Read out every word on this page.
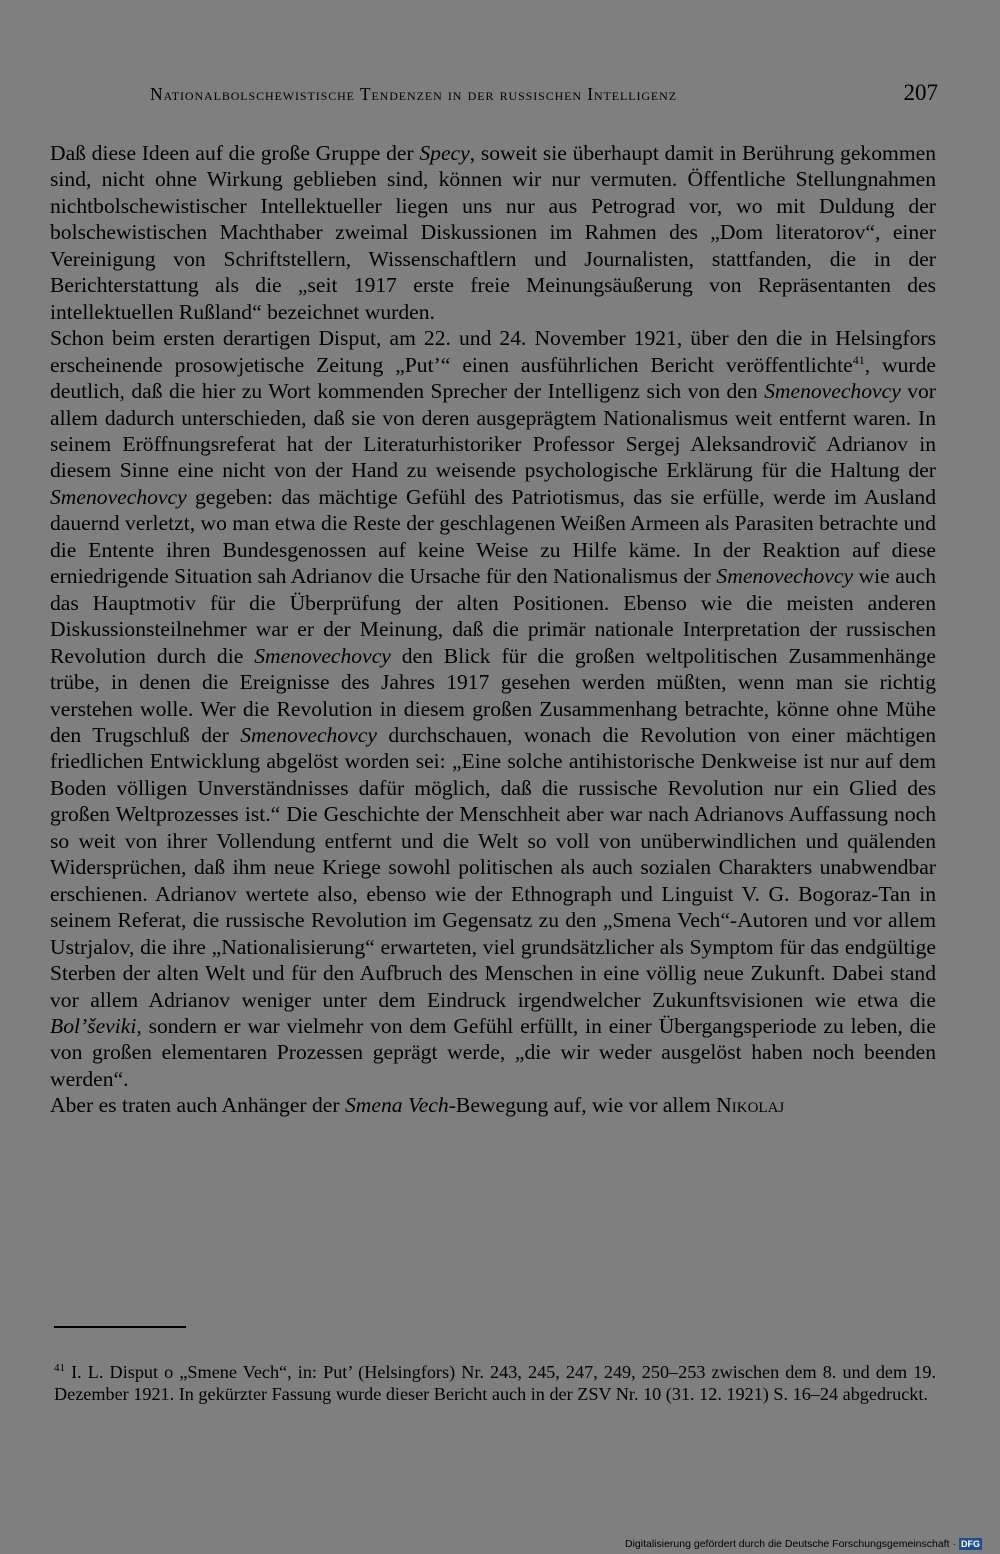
Nationalbolschewistische Tendenzen in der russischen Intelligenz	207

Daß diese Ideen auf die große Gruppe der Specy, soweit sie überhaupt damit in Berührung gekommen sind, nicht ohne Wirkung geblieben sind, können wir nur vermuten. Öffentliche Stellungnahmen nichtbolschewistischer Intellektueller liegen uns nur aus Petrograd vor, wo mit Duldung der bolschewistischen Machthaber zweimal Diskussionen im Rahmen des „Dom literatorov“, einer Vereinigung von Schriftstellern, Wissenschaftlern und Journalisten, stattfanden, die in der Berichterstattung als die „seit 1917 erste freie Meinungsäußerung von Repräsentanten des intellektuellen Rußland“ bezeichnet wurden.

Schon beim ersten derartigen Disput, am 22. und 24. November 1921, über den die in Helsingfors erscheinende prosowjetische Zeitung „Put’“ einen ausführlichen Bericht veröffentlichte$^{41}$, wurde deutlich, daß die hier zu Wort kommenden Sprecher der Intelligenz sich von den Smenovechovcy vor allem dadurch unterschieden, daß sie von deren ausgeprägtem Nationalismus weit entfernt waren. In seinem Eröffnungsreferat hat der Literaturhistoriker Professor Sergej Aleksandrovič Adrianov in diesem Sinne eine nicht von der Hand zu weisende psychologische Erklärung für die Haltung der Smenovechovcy gegeben: das mächtige Gefühl des Patriotismus, das sie erfülle, werde im Ausland dauernd verletzt, wo man etwa die Reste der geschlagenen Weißen Armeen als Parasiten betrachte und die Entente ihren Bundesgenossen auf keine Weise zu Hilfe käme. In der Reaktion auf diese erniedrigende Situation sah Adrianov die Ursache für den Nationalismus der Smenovechovcy wie auch das Hauptmotiv für die Überprüfung der alten Positionen. Ebenso wie die meisten anderen Diskussionsteilnehmer war er der Meinung, daß die primär nationale Interpretation der russischen Revolution durch die Smenovechovcy den Blick für die großen weltpolitischen Zusammenhänge trübe, in denen die Ereignisse des Jahres 1917 gesehen werden müßten, wenn man sie richtig verstehen wolle. Wer die Revolution in diesem großen Zusammenhang betrachte, könne ohne Mühe den Trugschluß der Smenovechovcy durchschauen, wonach die Revolution von einer mächtigen friedlichen Entwicklung abgelöst worden sei: „Eine solche antihistorische Denkweise ist nur auf dem Boden völligen Unverständnisses dafür möglich, daß die russische Revolution nur ein Glied des großen Weltprozesses ist.“ Die Geschichte der Menschheit aber war nach Adrianovs Auffassung noch so weit von ihrer Vollendung entfernt und die Welt so voll von unüberwindlichen und quälenden Widersprüchen, daß ihm neue Kriege sowohl politischen als auch sozialen Charakters unabwendbar erschienen. Adrianov wertete also, ebenso wie der Ethnograph und Linguist V. G. Bogoraz-Tan in seinem Referat, die russische Revolution im Gegensatz zu den „Smena Vech“-Autoren und vor allem Ustrjalov, die ihre „Nationalisierung“ erwarteten, viel grundsätzlicher als Symptom für das endgültige Sterben der alten Welt und für den Aufbruch des Menschen in eine völlig neue Zukunft. Dabei stand vor allem Adrianov weniger unter dem Eindruck irgendwelcher Zukunftsvisionen wie etwa die Bol’ševiki, sondern er war vielmehr von dem Gefühl erfüllt, in einer Übergangsperiode zu leben, die von großen elementaren Prozessen geprägt werde, „die wir weder ausgelöst haben noch beenden werden“.

Aber es traten auch Anhänger der Smena Vech-Bewegung auf, wie vor allem Nikolaj

$^{41}$ I. L. Disput o „Smene Vech“, in: Put’ (Helsingfors) Nr. 243, 245, 247, 249, 250–253 zwischen dem 8. und dem 19. Dezember 1921. In gekürzter Fassung wurde dieser Bericht auch in der ZSV Nr. 10 (31. 12. 1921) S. 16–24 abgedruckt.

Digitalisierung gefördert durch die Deutsche Forschungsgemeinschaft · DFG
